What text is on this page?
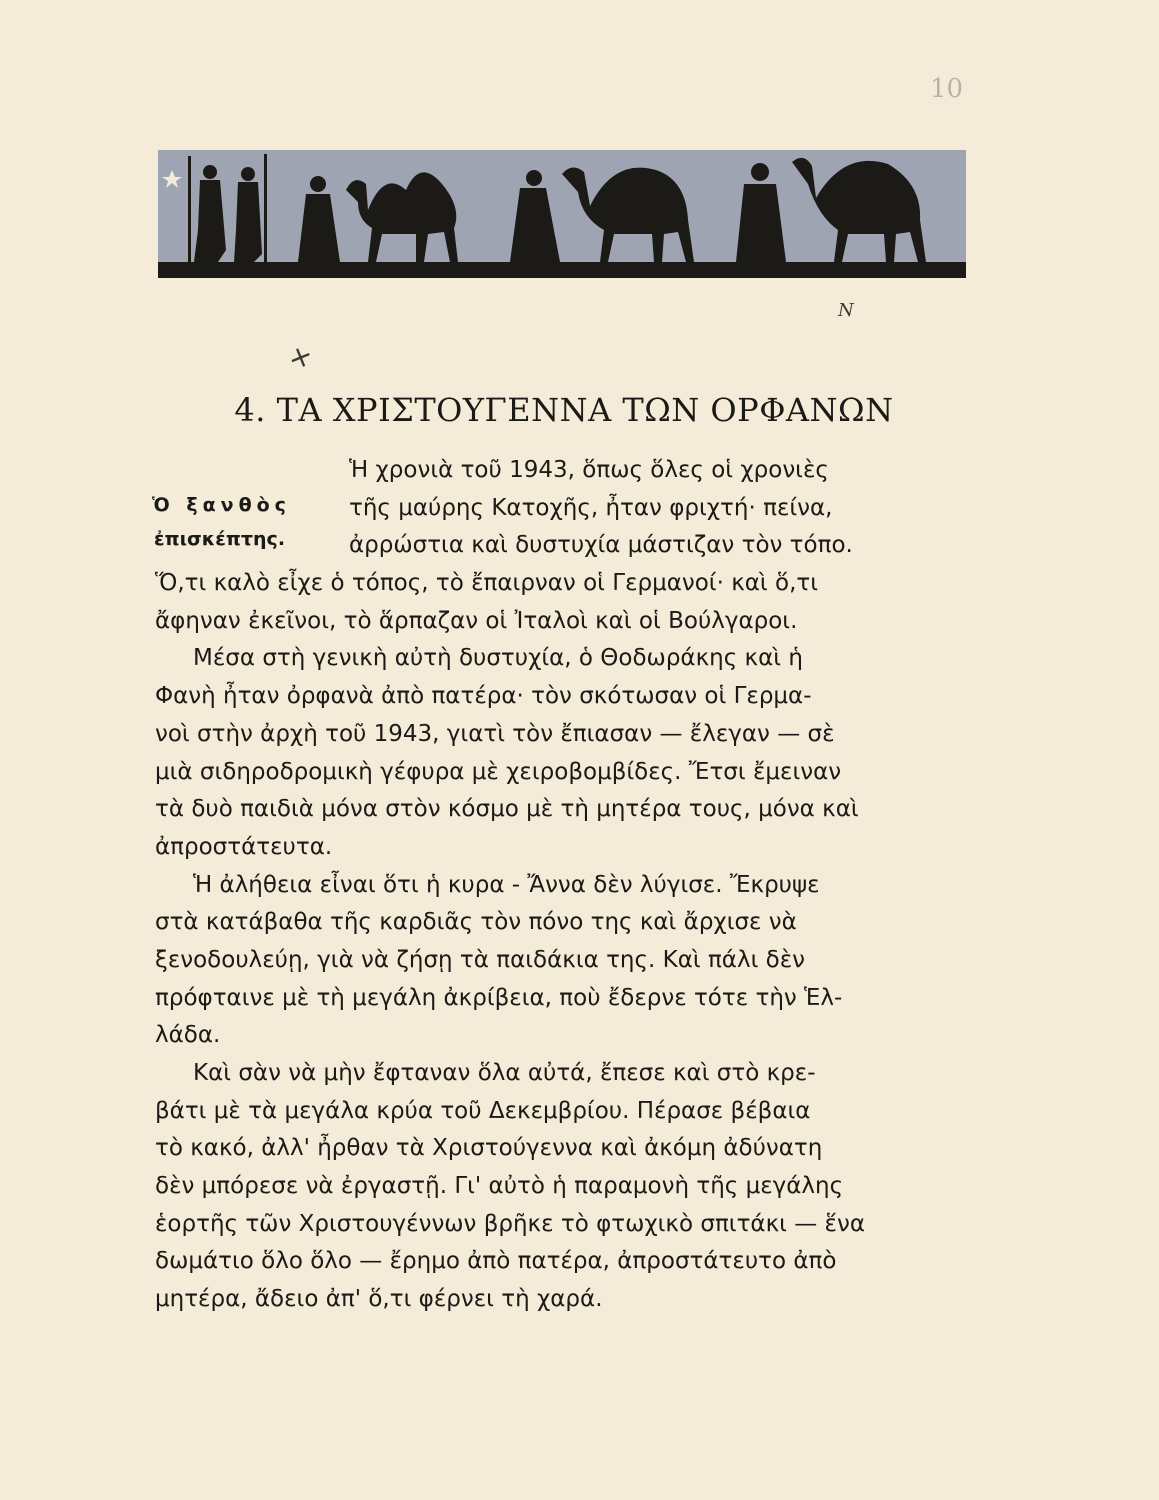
10
Ν
+
4. ΤΑ ΧΡΙΣΤΟΥΓΕΝΝΑ ΤΩΝ ΟΡΦΑΝΩΝ
Ὁ ξανθὸς
ἐπισκέπτης.
Ἡ χρονιὰ τοῦ 1943, ὅπως ὅλες οἱ χρονιὲς
τῆς μαύρης Κατοχῆς, ἦταν φριχτή· πείνα,
ἀρρώστια καὶ δυστυχία μάστιζαν τὸν τόπο.
Ὅ,τι καλὸ εἶχε ὁ τόπος, τὸ ἔπαιρναν οἱ Γερμανοί· καὶ ὅ,τι
ἄφηναν ἐκεῖνοι, τὸ ἅρπαζαν οἱ Ἰταλοὶ καὶ οἱ Βούλγαροι.
Μέσα στὴ γενικὴ αὐτὴ δυστυχία, ὁ Θοδωράκης καὶ ἡ
Φανὴ ἦταν ὀρφανὰ ἀπὸ πατέρα· τὸν σκότωσαν οἱ Γερμα-
νοὶ στὴν ἀρχὴ τοῦ 1943, γιατὶ τὸν ἔπιασαν — ἔλεγαν — σὲ
μιὰ σιδηροδρομικὴ γέφυρα μὲ χειροβομβίδες. Ἔτσι ἔμειναν
τὰ δυὸ παιδιὰ μόνα στὸν κόσμο μὲ τὴ μητέρα τους, μόνα καὶ
ἀπροστάτευτα.
Ἡ ἀλήθεια εἶναι ὅτι ἡ κυρα - Ἄννα δὲν λύγισε. Ἔκρυψε
στὰ κατάβαθα τῆς καρδιᾶς τὸν πόνο της καὶ ἄρχισε νὰ
ξενοδουλεύῃ, γιὰ νὰ ζήσῃ τὰ παιδάκια της. Καὶ πάλι δὲν
πρόφταινε μὲ τὴ μεγάλη ἀκρίβεια, ποὺ ἔδερνε τότε τὴν Ἑλ-
λάδα.
Καὶ σὰν νὰ μὴν ἔφταναν ὅλα αὐτά, ἔπεσε καὶ στὸ κρε-
βάτι μὲ τὰ μεγάλα κρύα τοῦ Δεκεμβρίου. Πέρασε βέβαια
τὸ κακό, ἀλλ' ἦρθαν τὰ Χριστούγεννα καὶ ἀκόμη ἀδύνατη
δὲν μπόρεσε νὰ ἐργαστῇ. Γι' αὐτὸ ἡ παραμονὴ τῆς μεγάλης
ἑορτῆς τῶν Χριστουγέννων βρῆκε τὸ φτωχικὸ σπιτάκι — ἕνα
δωμάτιο ὅλο ὅλο — ἔρημο ἀπὸ πατέρα, ἀπροστάτευτο ἀπὸ
μητέρα, ἄδειο ἀπ' ὅ,τι φέρνει τὴ χαρά.
